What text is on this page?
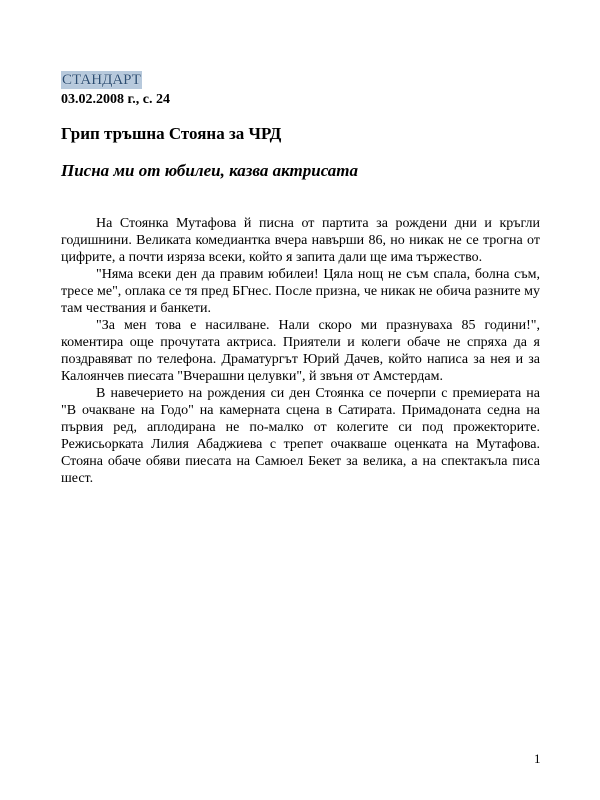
СТАНДАРТ
03.02.2008 г., с. 24
Грип тръшна Стояна за ЧРД
Писна ми от юбилеи, казва актрисата

На Стоянка Мутафова й писна от партита за рождени дни и кръгли годишнини. Великата комедиантка вчера навърши 86, но никак не се трогна от цифрите, а почти изряза всеки, който я запита дали ще има тържество.

"Няма всеки ден да правим юбилеи! Цяла нощ не съм спала, болна съм, тресе ме", оплака се тя пред БГнес. После призна, че никак не обича разните му там чествания и банкети.

"За мен това е насилване. Нали скоро ми празнуваха 85 години!", коментира още прочутата актриса. Приятели и колеги обаче не спряха да я поздравяват по телефона. Драматургът Юрий Дачев, който написа за нея и за Калоянчев пиесата "Вчерашни целувки", й звъня от Амстердам.

В навечерието на рождения си ден Стоянка се почерпи с премиерата на "В очакване на Годо" на камерната сцена в Сатирата. Примадоната седна на първия ред, аплодирана не по-малко от колегите си под прожекторите. Режисьорката Лилия Абаджиева с трепет очакваше оценката на Мутафова. Стояна обаче обяви пиесата на Самюел Бекет за велика, а на спектакъла писа шест.

1
